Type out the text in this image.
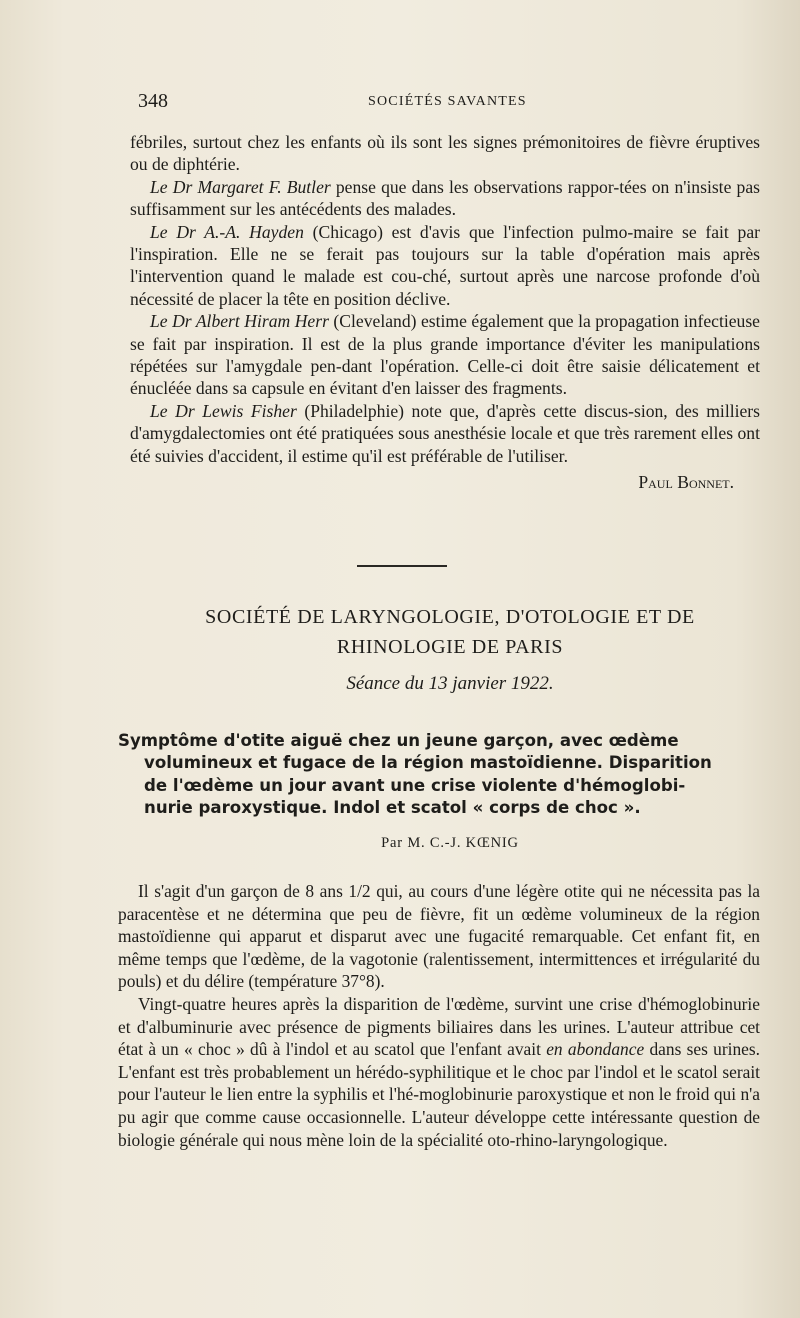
348	SOCIÉTÉS SAVANTES

fébriles, surtout chez les enfants où ils sont les signes prémonitoires de fièvre éruptives ou de diphtérie.

Le Dr Margaret F. Butler pense que dans les observations rappor-tées on n'insiste pas suffisamment sur les antécédents des malades.

Le Dr A.-A. Hayden (Chicago) est d'avis que l'infection pulmo-maire se fait par l'inspiration. Elle ne se ferait pas toujours sur la table d'opération mais après l'intervention quand le malade est cou-ché, surtout après une narcose profonde d'où nécessité de placer la tête en position déclive.

Le Dr Albert Hiram Herr (Cleveland) estime également que la propagation infectieuse se fait par inspiration. Il est de la plus grande importance d'éviter les manipulations répétées sur l'amygdale pen-dant l'opération. Celle-ci doit être saisie délicatement et énucléée dans sa capsule en évitant d'en laisser des fragments.

Le Dr Lewis Fisher (Philadelphie) note que, d'après cette discus-sion, des milliers d'amygdalectomies ont été pratiquées sous anesthésie locale et que très rarement elles ont été suivies d'accident, il estime qu'il est préférable de l'utiliser.

Paul Bonnet.
SOCIÉTÉ DE LARYNGOLOGIE, D'OTOLOGIE ET DE
RHINOLOGIE DE PARIS
Séance du 13 janvier 1922.
Symptôme d'otite aiguë chez un jeune garçon, avec œdème
volumineux et fugace de la région mastoïdienne. Disparition
de l'œdème un jour avant une crise violente d'hémoglobi-
nurie paroxystique. Indol et scatol « corps de choc ».
Par M. C.-J. KŒNIG

Il s'agit d'un garçon de 8 ans 1/2 qui, au cours d'une légère otite qui ne nécessita pas la paracentèse et ne détermina que peu de fièvre, fit un œdème volumineux de la région mastoïdienne qui apparut et disparut avec une fugacité remarquable. Cet enfant fit, en même temps que l'œdème, de la vagotonie (ralentissement, intermittences et irrégularité du pouls) et du délire (température 37°8).

Vingt-quatre heures après la disparition de l'œdème, survint une crise d'hémoglobinurie et d'albuminurie avec présence de pigments biliaires dans les urines. L'auteur attribue cet état à un « choc » dû à l'indol et au scatol que l'enfant avait en abondance dans ses urines. L'enfant est très probablement un hérédo-syphilitique et le choc par l'indol et le scatol serait pour l'auteur le lien entre la syphilis et l'hé-moglobinurie paroxystique et non le froid qui n'a pu agir que comme cause occasionnelle. L'auteur développe cette intéressante question de biologie générale qui nous mène loin de la spécialité oto-rhino-laryngologique.
